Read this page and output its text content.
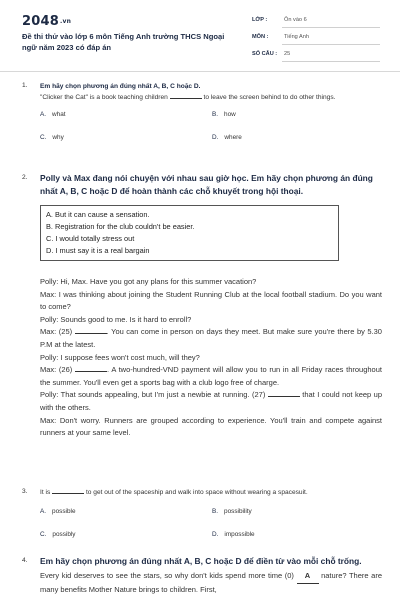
2048.vn
Đề thi thử vào lớp 6 môn Tiếng Anh trường THCS Ngoại ngữ năm 2023 có đáp án
LỚP :	Ôn vào 6
MÔN :	Tiếng Anh
SỐ CÂU : 25
1. Em hãy chọn phương án đúng nhất A, B, C hoặc D.
"Clicker the Cat" is a book teaching children	to leave the screen behind to do other things.
A. what	B. how
C. why	D. where
2. Polly và Max đang nói chuyện với nhau sau giờ học. Em hãy chọn phương án đúng nhất A, B, C hoặc D để hoàn thành các chỗ khuyết trong hội thoại.
A. But it can cause a sensation.
B. Registration for the club couldn't be easier.
C. I would totally stress out
D. I must say it is a real bargain

Polly: Hi, Max. Have you got any plans for this summer vacation?

Max: I was thinking about joining the Student Running Club at the local football stadium. Do you want to come?

Polly: Sounds good to me. Is it hard to enroll?

Max: (25)	. You can come in person on days they meet. But make sure you're there by 5.30 P.M at the latest.

Polly: I suppose fees won't cost much, will they?

Max: (26)	. A two-hundred-VND payment will allow you to run in all Friday races throughout the summer. You'll even get a sports bag with a club logo free of charge.

Polly: That sounds appealing, but I'm just a newbie at running. (27)	that I could not keep up with the others.

Max: Don't worry. Runners are grouped according to experience. You'll train and compete against runners at your same level.

3. It is	to get out of the spaceship and walk into space without wearing a spacesuit.
A. possible	B. possibility
C. possibly	D. impossible
4. Em hãy chọn phương án đúng nhất A, B, C hoặc D để điền từ vào mỗi chỗ trống.
Every kid deserves to see the stars, so why don't kids spend more time (0) A nature? There are many benefits Mother Nature brings to children. First,
